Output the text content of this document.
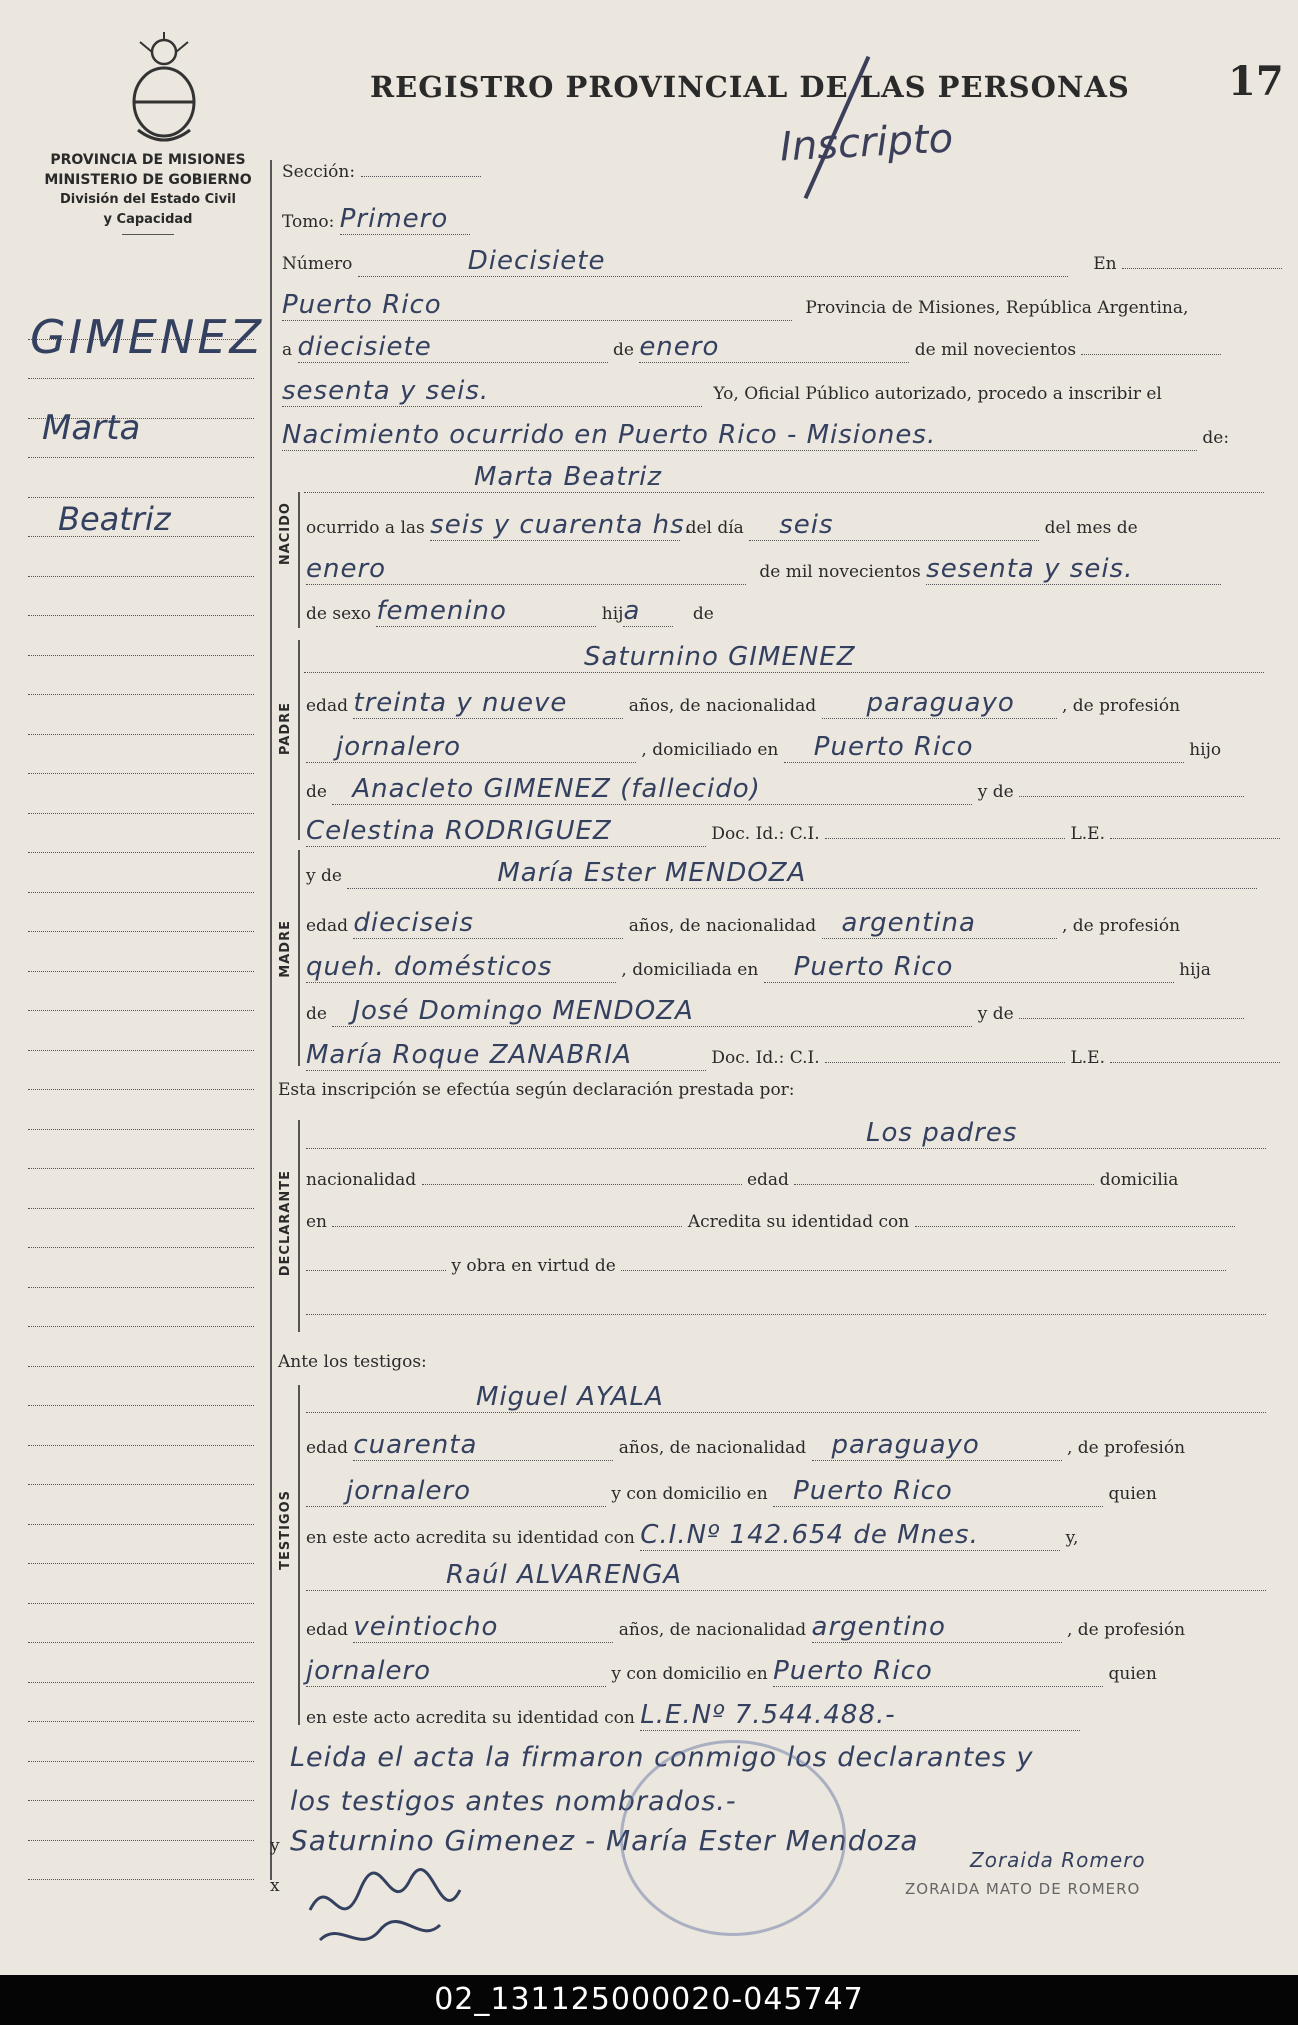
PROVINCIA DE MISIONES
MINISTERIO DE GOBIERNO
División del Estado Civil
y Capacidad
REGISTRO PROVINCIAL DE LAS PERSONAS 17
Inscripto
GIMENEZ
Marta
Beatriz
Sección:
Tomo: Primero
Número	Diecisiete	En
Puerto Rico	Provincia de Misiones, República Argentina,
a diecisiete	de enero	de mil novecientos
sesenta y seis.	Yo, Oficial Público autorizado, procedo a inscribir el
Nacimiento ocurrido en Puerto Rico - Misiones.	de:
NACIDO
Marta Beatriz
ocurrido a las seis y cuarenta hs. del día seis	del mes de
enero	de mil novecientos sesenta y seis.
de sexo femenino	hija	de
PADRE
Saturnino GIMENEZ
edad treinta y nueve	años, de nacionalidad paraguayo	, de profesión
jornalero	, domiciliado en Puerto Rico	hijo
de Anacleto GIMENEZ (fallecido)	y de
Celestina RODRIGUEZ	Doc. Id.: C.I.	L.E.
MADRE
y de	María Ester MENDOZA
edad dieciseis	años, de nacionalidad argentina	, de profesión
queh. domésticos	, domiciliada en Puerto Rico	hija
de José Domingo MENDOZA	y de
María Roque ZANABRIA	Doc. Id.: C.I.	L.E.
Esta inscripción se efectúa según declaración prestada por:
DECLARANTE
Los padres
nacionalidad	edad	domicilia
en	Acredita su identidad con
y obra en virtud de
Ante los testigos:
TESTIGOS
Miguel AYALA
edad cuarenta	años, de nacionalidad paraguayo	, de profesión
jornalero	y con domicilio en Puerto Rico	quien
en este acto acredita su identidad con C.I.Nº 142.654 de Mnes.	y,
Raúl ALVARENGA
edad veintiocho	años, de nacionalidad argentino	, de profesión
jornalero	y con domicilio en Puerto Rico	quien
en este acto acredita su identidad con L.E.Nº 7.544.488.-
Leida el acta la firmaron conmigo los declarantes y
los testigos antes nombrados.-
y Saturnino Gimenez - María Ester Mendoza
Zoraida Romero
x	ZORAIDA MATO DE ROMERO
02_131125000020-045747
